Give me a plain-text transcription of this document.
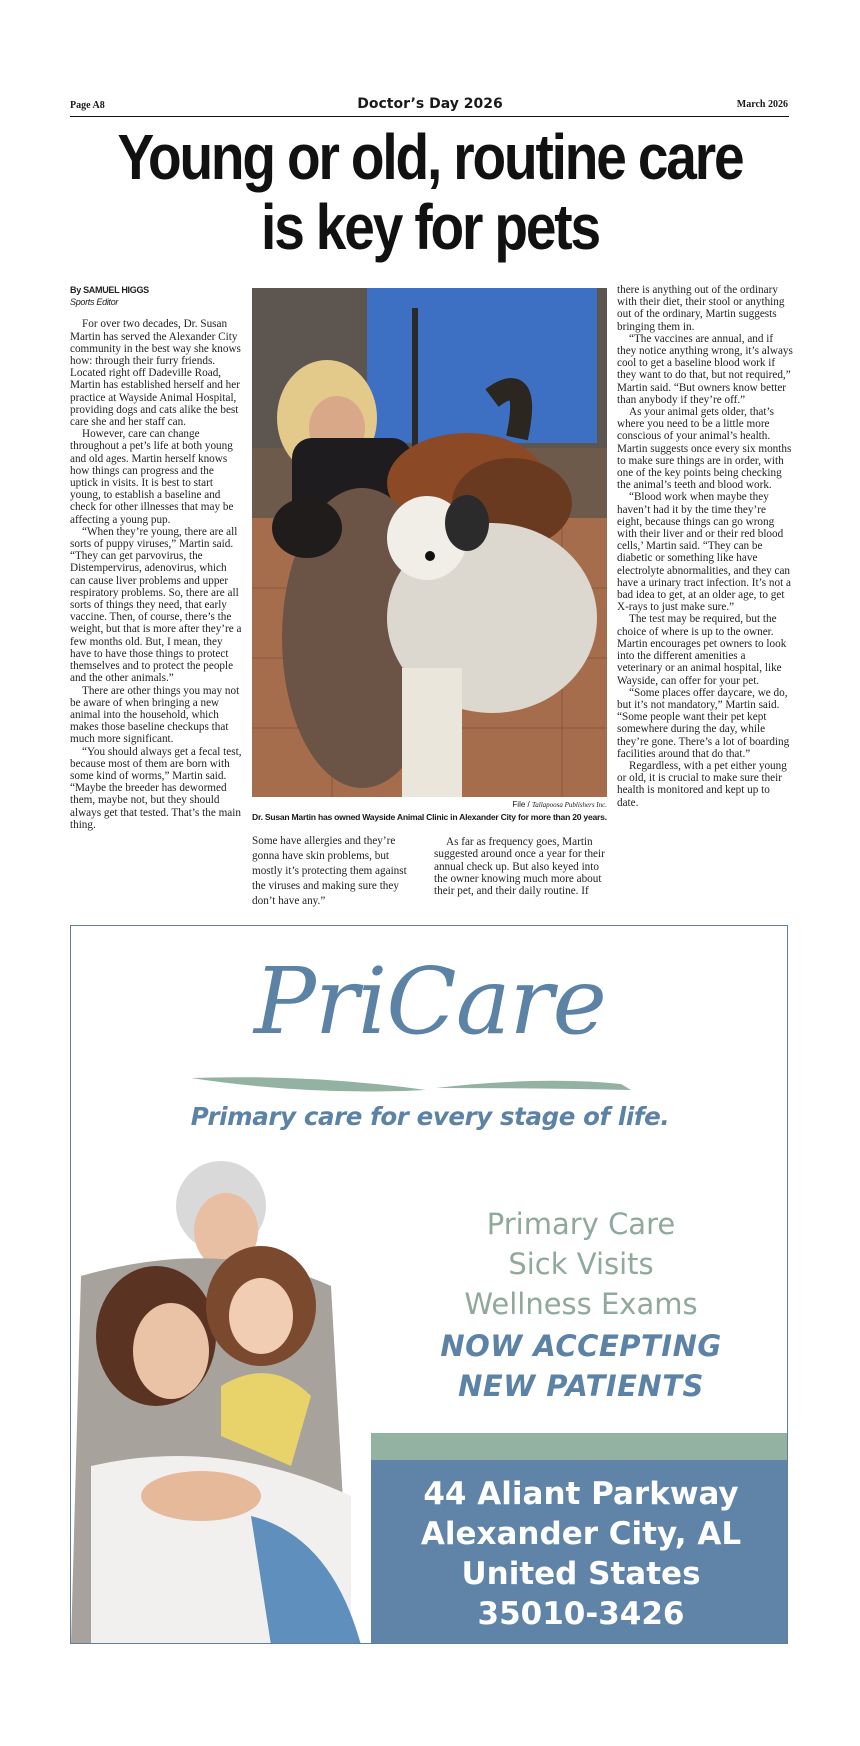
Page A8	Doctor’s Day 2026	March 2026
Young or old, routine care
is key for pets
By SAMUEL HIGGS
Sports Editor

For over two decades, Dr. Susan Martin has served the Alexander City community in the best way she knows how: through their furry friends. Located right off Dadeville Road, Martin has established herself and her practice at Wayside Animal Hospital, providing dogs and cats alike the best care she and her staff can.

However, care can change throughout a pet’s life at both young and old ages. Martin herself knows how things can progress and the uptick in visits. It is best to start young, to establish a baseline and check for other illnesses that may be affecting a young pup.

“When they’re young, there are all sorts of puppy viruses,” Martin said. “They can get parvovirus, the Distempervirus, adenovirus, which can cause liver problems and upper respiratory problems. So, there are all sorts of things they need, that early vaccine. Then, of course, there’s the weight, but that is more after they’re a few months old. But, I mean, they have to have those things to protect themselves and to protect the people and the other animals.”

There are other things you may not be aware of when bringing a new animal into the household, which makes those baseline checkups that much more significant.

“You should always get a fecal test, because most of them are born with some kind of worms,” Martin said. “Maybe the breeder has dewormed them, maybe not, but they should always get that tested. That’s the main thing.

File / Tallapoosa Publishers Inc.
Dr. Susan Martin has owned Wayside Animal Clinic in Alexander City for more than 20 years.

Some have allergies and they’re gonna have skin problems, but mostly it’s protecting them against the viruses and making sure they don’t have any.”

As far as frequency goes, Martin suggested around once a year for their annual check up. But also keyed into the owner knowing much more about their pet, and their daily routine. If

there is anything out of the ordinary with their diet, their stool or anything out of the ordinary, Martin suggests bringing them in.

“The vaccines are annual, and if they notice anything wrong, it’s always cool to get a baseline blood work if they want to do that, but not required,” Martin said. “But owners know better than anybody if they’re off.”

As your animal gets older, that’s where you need to be a little more conscious of your animal’s health. Martin suggests once every six months to make sure things are in order, with one of the key points being checking the animal’s teeth and blood work.

“Blood work when maybe they haven’t had it by the time they’re eight, because things can go wrong with their liver and or their red blood cells,’ Martin said. “They can be diabetic or something like have electrolyte abnormalities, and they can have a urinary tract infection. It’s not a bad idea to get, at an older age, to get X-rays to just make sure.”

The test may be required, but the choice of where is up to the owner. Martin encourages pet owners to look into the different amenities a veterinary or an animal hospital, like Wayside, can offer for your pet.

“Some places offer daycare, we do, but it’s not mandatory,” Martin said. “Some people want their pet kept somewhere during the day, while they’re gone. There’s a lot of boarding facilities around that do that.”

Regardless, with a pet either young or old, it is crucial to make sure their health is monitored and kept up to date.

PriCare
Primary care for every stage of life.
Primary Care
Sick Visits
Wellness Exams
NOW ACCEPTING
NEW PATIENTS
44 Aliant Parkway
Alexander City, AL
United States
35010-3426
